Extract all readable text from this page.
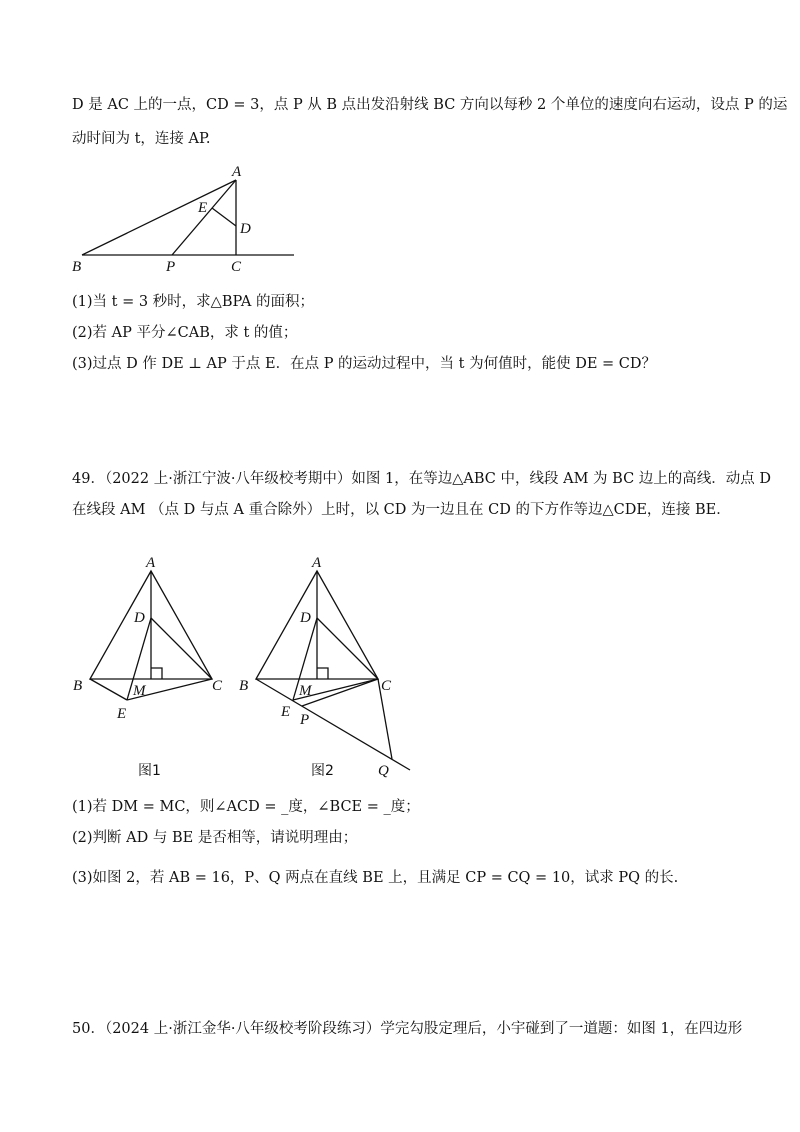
D 是 AC 上的一点，CD = 3，点 P 从 B 点出发沿射线 BC 方向以每秒 2 个单位的速度向右运动，设点 P 的运
动时间为 t，连接 AP.
A
E
D
B	P	C
(1)当 t = 3 秒时，求△BPA 的面积；
(2)若 AP 平分∠CAB，求 t 的值；
(3)过点 D 作 DE ⊥ AP 于点 E．在点 P 的运动过程中，当 t 为何值时，能使 DE = CD？
49．（2022 上·浙江宁波·八年级校考期中）如图 1，在等边△ABC 中，线段 AM 为 BC 边上的高线．动点 D
在线段 AM （点 D 与点 A 重合除外）上时，以 CD 为一边且在 CD 的下方作等边△CDE，连接 BE．
A
D
B	M	C
E
图1
A
D
B	M	C
E P
Q
图2
(1)若 DM = MC，则∠ACD = _度，∠BCE = _度；
(2)判断 AD 与 BE 是否相等，请说明理由；
(3)如图 2，若 AB = 16，P、Q 两点在直线 BE 上，且满足 CP = CQ = 10，试求 PQ 的长.
50．（2024 上·浙江金华·八年级校考阶段练习）学完勾股定理后，小宇碰到了一道题：如图 1，在四边形
